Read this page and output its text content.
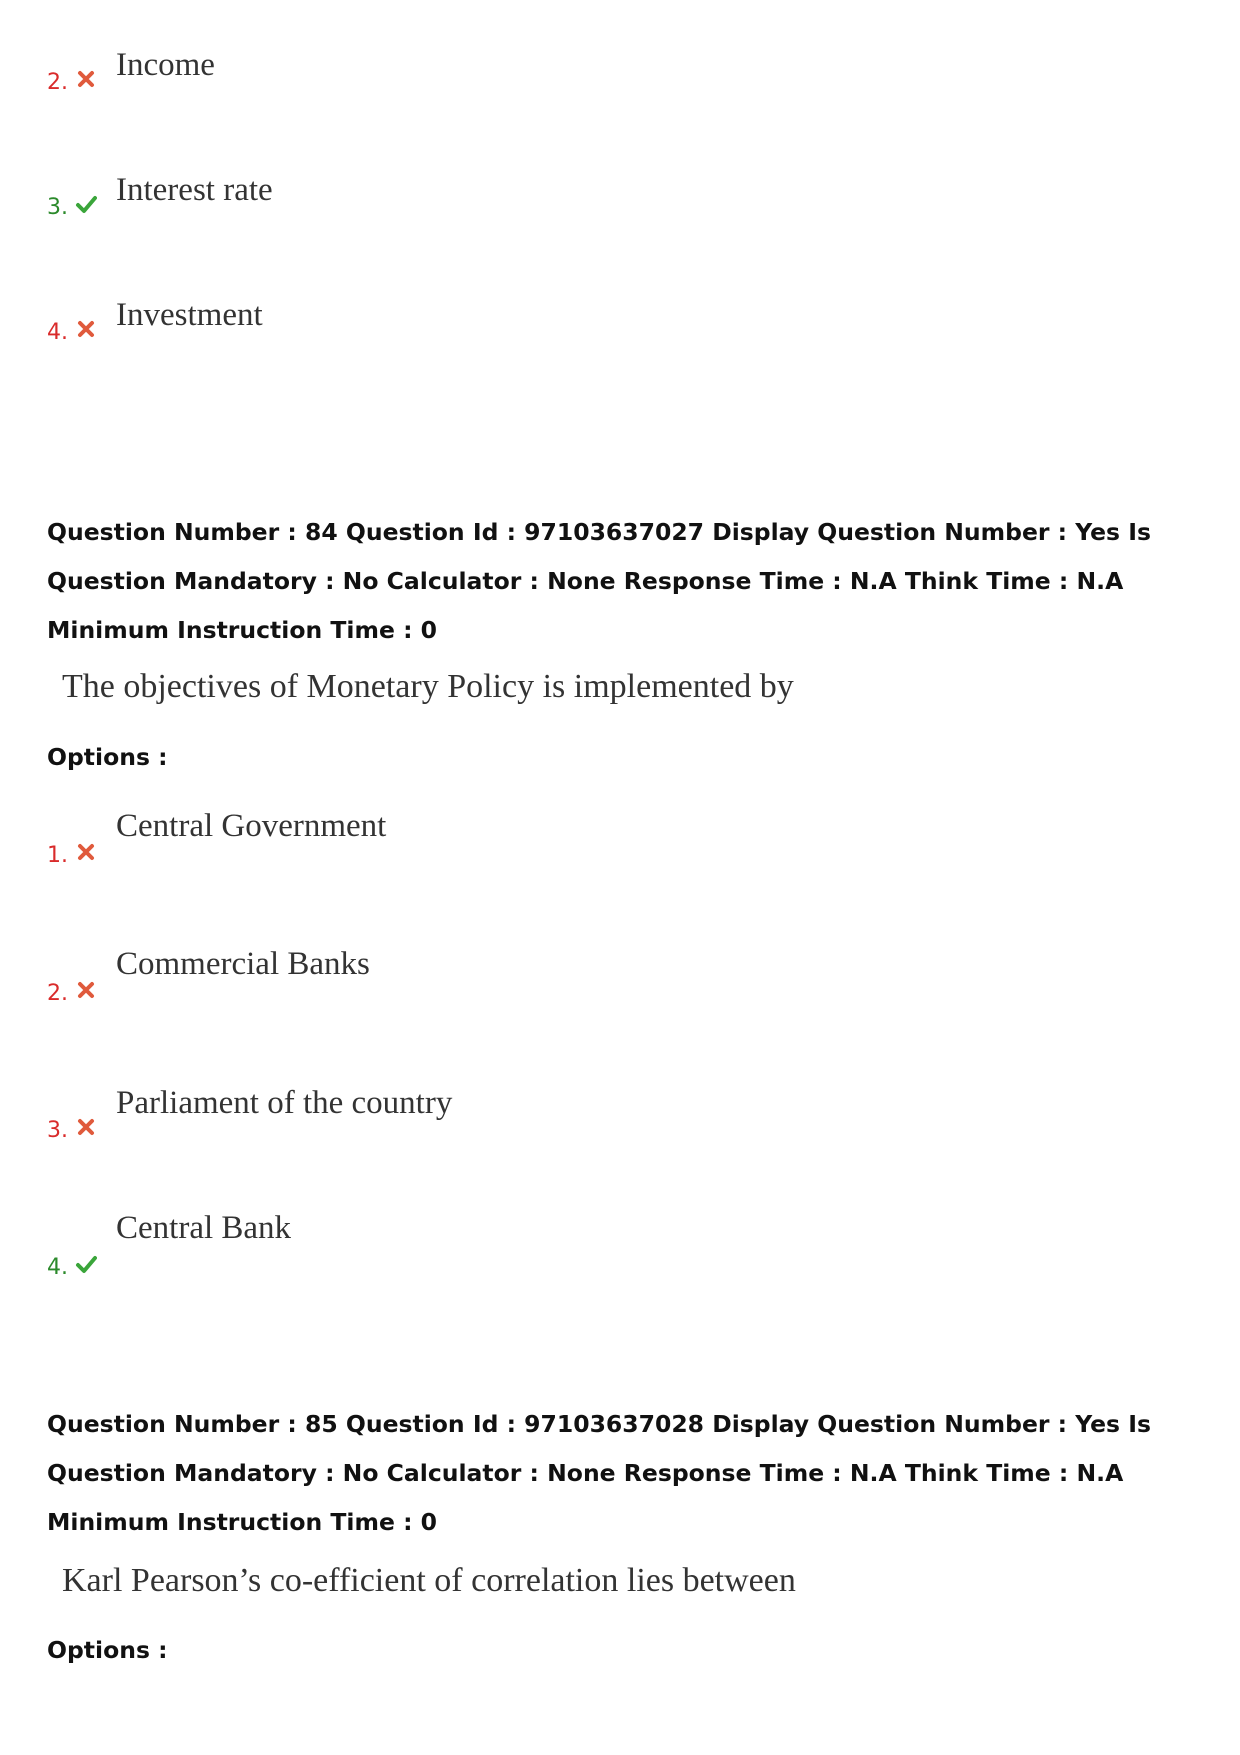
2. Income
3. Interest rate
4. Investment
Question Number : 84 Question Id : 97103637027 Display Question Number : Yes Is Question Mandatory : No Calculator : None Response Time : N.A Think Time : N.A Minimum Instruction Time : 0
The objectives of Monetary Policy is implemented by
Options :
1.
Central Government
2.
Commercial Banks
3.
Parliament of the country
4.
Central Bank
Question Number : 85 Question Id : 97103637028 Display Question Number : Yes Is Question Mandatory : No Calculator : None Response Time : N.A Think Time : N.A Minimum Instruction Time : 0
Karl Pearson’s co-efficient of correlation lies between
Options :
